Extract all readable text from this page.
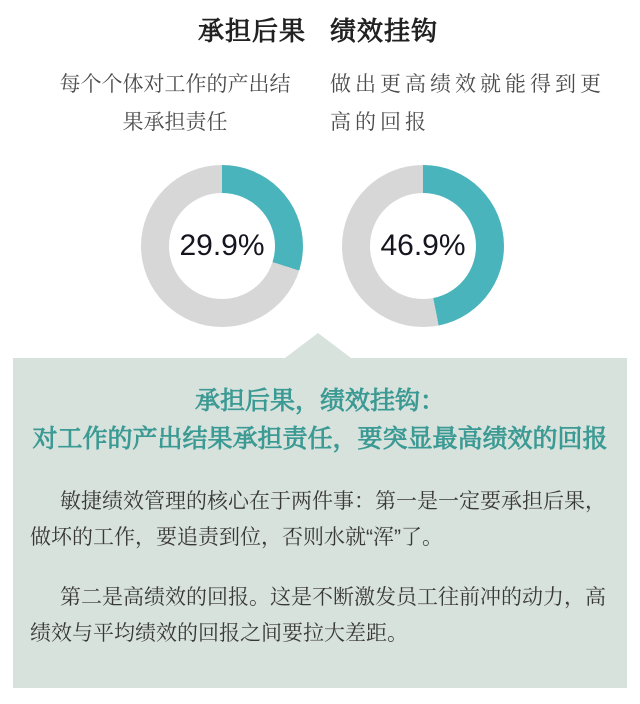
承担后果
每个个体对工作的产出结
果承担责任
29.9%
绩效挂钩
做出更高绩效就能得到更
高的回报
46.9%
承担后果，绩效挂钩：
对工作的产出结果承担责任，要突显最高绩效的回报

敏捷绩效管理的核心在于两件事：第一是一定要承担后果，做坏的工作，要追责到位，否则水就“浑”了。

第二是高绩效的回报。这是不断激发员工往前冲的动力，高绩效与平均绩效的回报之间要拉大差距。
